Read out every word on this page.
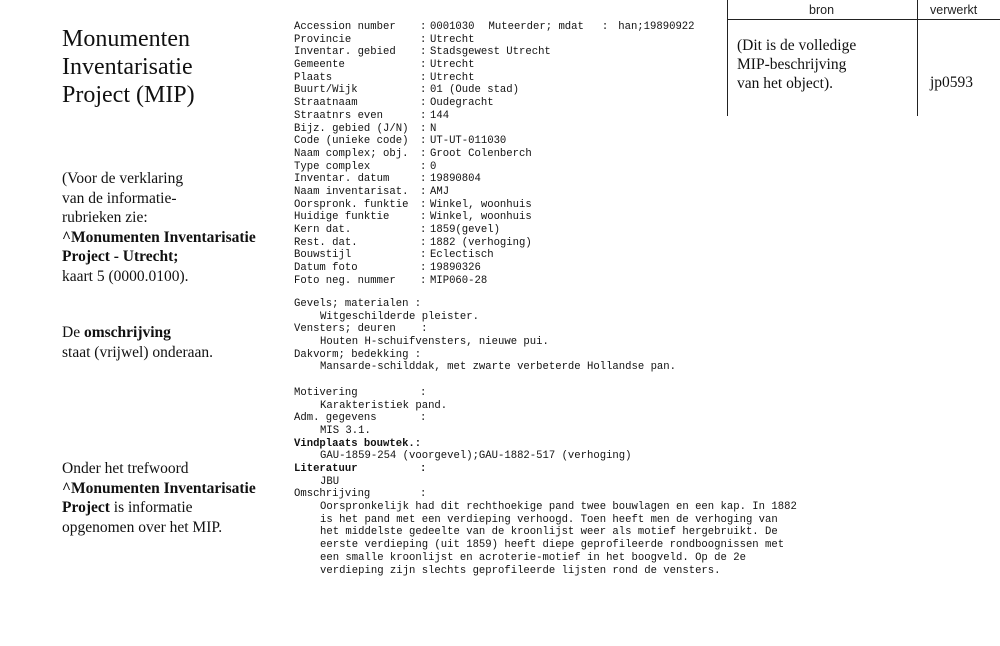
Monumenten
Inventarisatie
Project (MIP)
(Voor de verklaring
van de informatie-
rubrieken zie:
^Monumenten Inventarisatie
Project - Utrecht;
kaart 5 (0000.0100).
De omschrijving
staat (vrijwel) onderaan.
Onder het trefwoord
^Monumenten Inventarisatie
Project is informatie
opgenomen over het MIP.
Accession number	: 0001030 Muteerder; mdat : han;19890922
Provincie	: Utrecht
Inventar. gebied	: Stadsgewest Utrecht
Gemeente	: Utrecht
Plaats	: Utrecht
Buurt/Wijk	: 01 (Oude stad)
Straatnaam	: Oudegracht
Straatnrs even	: 144
Bijz. gebied (J/N)	: N
Code (unieke code)	: UT-UT-011030
Naam complex; obj.	: Groot Colenberch
Type complex	: 0
Inventar. datum	: 19890804
Naam inventarisat.	: AMJ
Oorspronk. funktie	: Winkel, woonhuis
Huidige funktie	: Winkel, woonhuis
Kern dat.	: 1859(gevel)
Rest. dat.	: 1882 (verhoging)
Bouwstijl	: Eclectisch
Datum foto	: 19890326
Foto neg. nummer	: MIP060-28
Gevels; materialen :
Witgeschilderde pleister.
Vensters; deuren    :
Houten H-schuifvensters, nieuwe pui.
Dakvorm; bedekking :
Mansarde-schilddak, met zwarte verbeterde Hollandse pan.
Motivering	:
Karakteristiek pand.
Adm. gegevens	:
MIS 3.1.
Vindplaats bouwtek.:
GAU-1859-254 (voorgevel);GAU-1882-517 (verhoging)
Literatuur	:
JBU
Omschrijving	:
Oorspronkelijk had dit rechthoekige pand twee bouwlagen en een kap. In 1882
is het pand met een verdieping verhoogd. Toen heeft men de verhoging van
het middelste gedeelte van de kroonlijst weer als motief hergebruikt. De
eerste verdieping (uit 1859) heeft diepe geprofileerde rondboognissen met
een smalle kroonlijst en acroterie-motief in het boogveld. Op de 2e
verdieping zijn slechts geprofileerde lijsten rond de vensters.
bron	verwerkt
(Dit is de volledige
MIP-beschrijving
van het object).	jp0593
